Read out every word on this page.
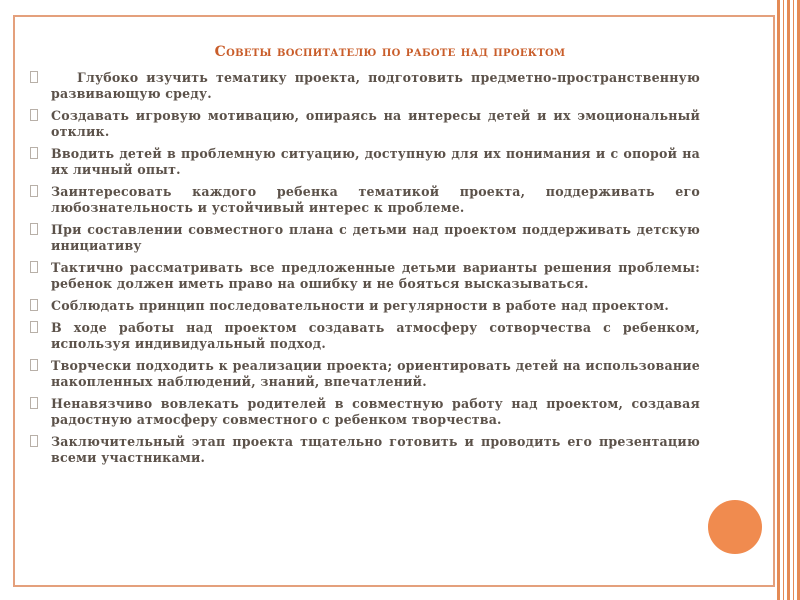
Советы воспитателю по работе над проектом
Глубоко изучить тематику проекта, подготовить предметно-пространственную развивающую среду.
Создавать игровую мотивацию, опираясь на интересы детей и их эмоциональный отклик.
Вводить детей в проблемную ситуацию, доступную для их понимания и с опорой на их личный опыт.
Заинтересовать каждого ребенка тематикой проекта, поддерживать его любознательность и устойчивый интерес к проблеме.
При составлении совместного плана с детьми над проектом поддерживать детскую инициативу
Тактично рассматривать все предложенные детьми варианты решения проблемы: ребенок должен иметь право на ошибку и не бояться высказываться.
Соблюдать принцип последовательности и регулярности в работе над проектом.
В ходе работы над проектом создавать атмосферу сотворчества с ребенком, используя индивидуальный подход.
Творчески подходить к реализации проекта; ориентировать детей на использование накопленных наблюдений, знаний, впечатлений.
Ненавязчиво вовлекать родителей в совместную работу над проектом, создавая радостную атмосферу совместного с ребенком творчества.
Заключительный этап проекта тщательно готовить и проводить его презентацию всеми участниками.
